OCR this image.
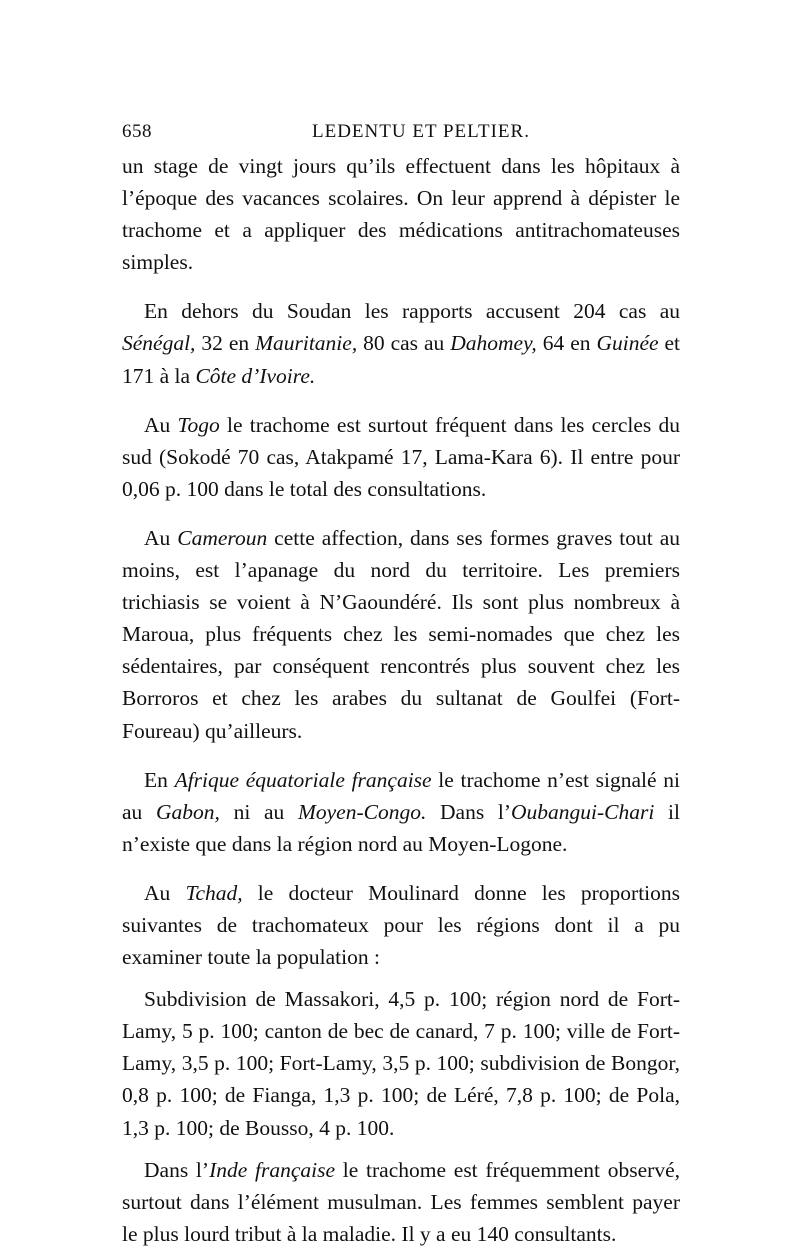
658	LEDENTU ET PELTIER.

un stage de vingt jours qu’ils effectuent dans les hôpitaux à l’époque des vacances scolaires. On leur apprend à dépister le trachome et a appliquer des médications antitrachomateuses simples.

En dehors du Soudan les rapports accusent 204 cas au Sénégal, 32 en Mauritanie, 80 cas au Dahomey, 64 en Guinée et 171 à la Côte d’Ivoire.

Au Togo le trachome est surtout fréquent dans les cercles du sud (Sokodé 70 cas, Atakpamé 17, Lama-Kara 6). Il entre pour 0,06 p. 100 dans le total des consultations.

Au Cameroun cette affection, dans ses formes graves tout au moins, est l’apanage du nord du territoire. Les premiers trichiasis se voient à N’Gaoundéré. Ils sont plus nombreux à Maroua, plus fréquents chez les semi-nomades que chez les sédentaires, par conséquent rencontrés plus souvent chez les Borroros et chez les arabes du sultanat de Goulfei (Fort-Foureau) qu’ailleurs.

En Afrique équatoriale française le trachome n’est signalé ni au Gabon, ni au Moyen-Congo. Dans l’Oubangui-Chari il n’existe que dans la région nord au Moyen-Logone.

Au Tchad, le docteur Moulinard donne les proportions suivantes de trachomateux pour les régions dont il a pu examiner toute la population :

Subdivision de Massakori, 4,5 p. 100; région nord de Fort-Lamy, 5 p. 100; canton de bec de canard, 7 p. 100; ville de Fort-Lamy, 3,5 p. 100; Fort-Lamy, 3,5 p. 100; subdivision de Bongor, 0,8 p. 100; de Fianga, 1,3 p. 100; de Léré, 7,8 p. 100; de Pola, 1,3 p. 100; de Bousso, 4 p. 100.

Dans l’Inde française le trachome est fréquemment observé, surtout dans l’élément musulman. Les femmes semblent payer le plus lourd tribut à la maladie. Il y a eu 140 consultants.
